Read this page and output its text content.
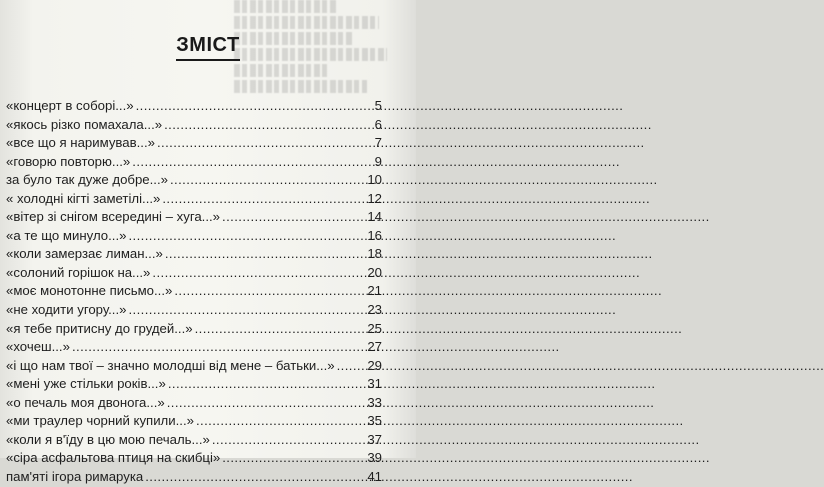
ЗМІСТ
«концерт в соборі...» .....	5
«якось різко помахала...» .....	6
«все що я наримував...» .....	7
«говорю повторю...» .....	9
за було так дуже добре...» .....	10
« холодні кігті заметілі...» .....	12
«вітер зі снігом всередині – хуга...» .....	14
«а те що минуло...» .....	16
«коли замерзає лиман...» .....	18
«солоний горішок на...» .....	20
«моє монотонне письмо...» .....	21
«не ходити угору...» .....	23
«я тебе притисну до грудей...» .....	25
«хочеш...» .....	27
«і що нам твої – значно молодші від мене – батьки...» ..... 29
«мені уже стільки років...» .....	31
«о печаль моя двонога...» .....	33
«ми траулер чорний купили...» .....	35
«коли я в'їду в цю мою печаль...» .....	37
«сіра асфальтова птиця на скибці» .....	39
пам'яті ігора римарука .....	41
